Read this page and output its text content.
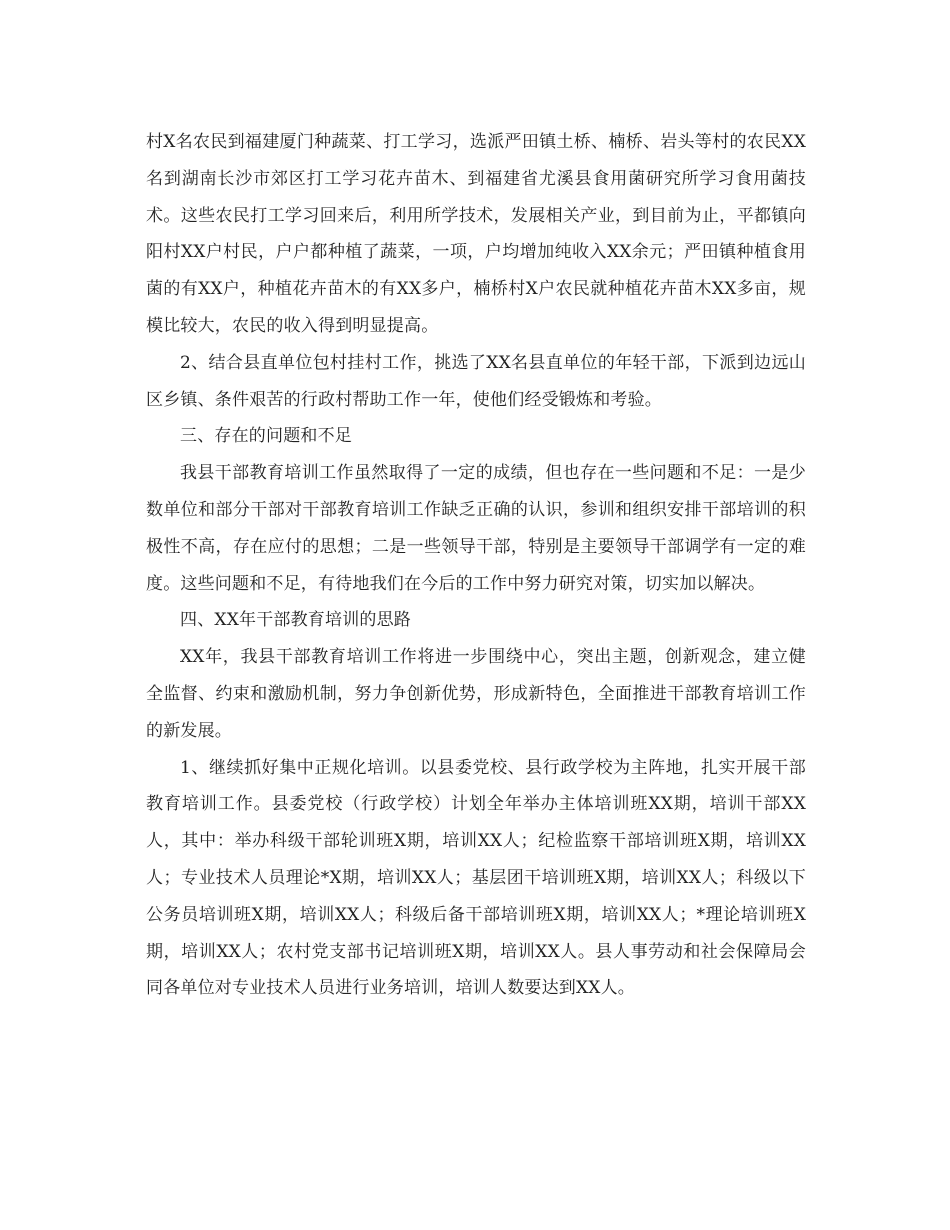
村X名农民到福建厦门种蔬菜、打工学习，选派严田镇土桥、楠桥、岩头等村的农民XX名到湖南长沙市郊区打工学习花卉苗木、到福建省尤溪县食用菌研究所学习食用菌技术。这些农民打工学习回来后，利用所学技术，发展相关产业，到目前为止，平都镇向阳村XX户村民，户户都种植了蔬菜，一项，户均增加纯收入XX余元；严田镇种植食用菌的有XX户，种植花卉苗木的有XX多户，楠桥村X户农民就种植花卉苗木XX多亩，规模比较大，农民的收入得到明显提高。

2、结合县直单位包村挂村工作，挑选了XX名县直单位的年轻干部，下派到边远山区乡镇、条件艰苦的行政村帮助工作一年，使他们经受锻炼和考验。

三、存在的问题和不足

我县干部教育培训工作虽然取得了一定的成绩，但也存在一些问题和不足：一是少数单位和部分干部对干部教育培训工作缺乏正确的认识，参训和组织安排干部培训的积极性不高，存在应付的思想；二是一些领导干部，特别是主要领导干部调学有一定的难度。这些问题和不足，有待地我们在今后的工作中努力研究对策，切实加以解决。

四、XX年干部教育培训的思路

XX年，我县干部教育培训工作将进一步围绕中心，突出主题，创新观念，建立健全监督、约束和激励机制，努力争创新优势，形成新特色，全面推进干部教育培训工作的新发展。

1、继续抓好集中正规化培训。以县委党校、县行政学校为主阵地，扎实开展干部教育培训工作。县委党校（行政学校）计划全年举办主体培训班XX期，培训干部XX人，其中：举办科级干部轮训班X期，培训XX人；纪检监察干部培训班X期，培训XX人；专业技术人员理论*X期，培训XX人；基层团干培训班X期，培训XX人；科级以下公务员培训班X期，培训XX人；科级后备干部培训班X期，培训XX人；*理论培训班X期，培训XX人；农村党支部书记培训班X期，培训XX人。县人事劳动和社会保障局会同各单位对专业技术人员进行业务培训，培训人数要达到XX人。
